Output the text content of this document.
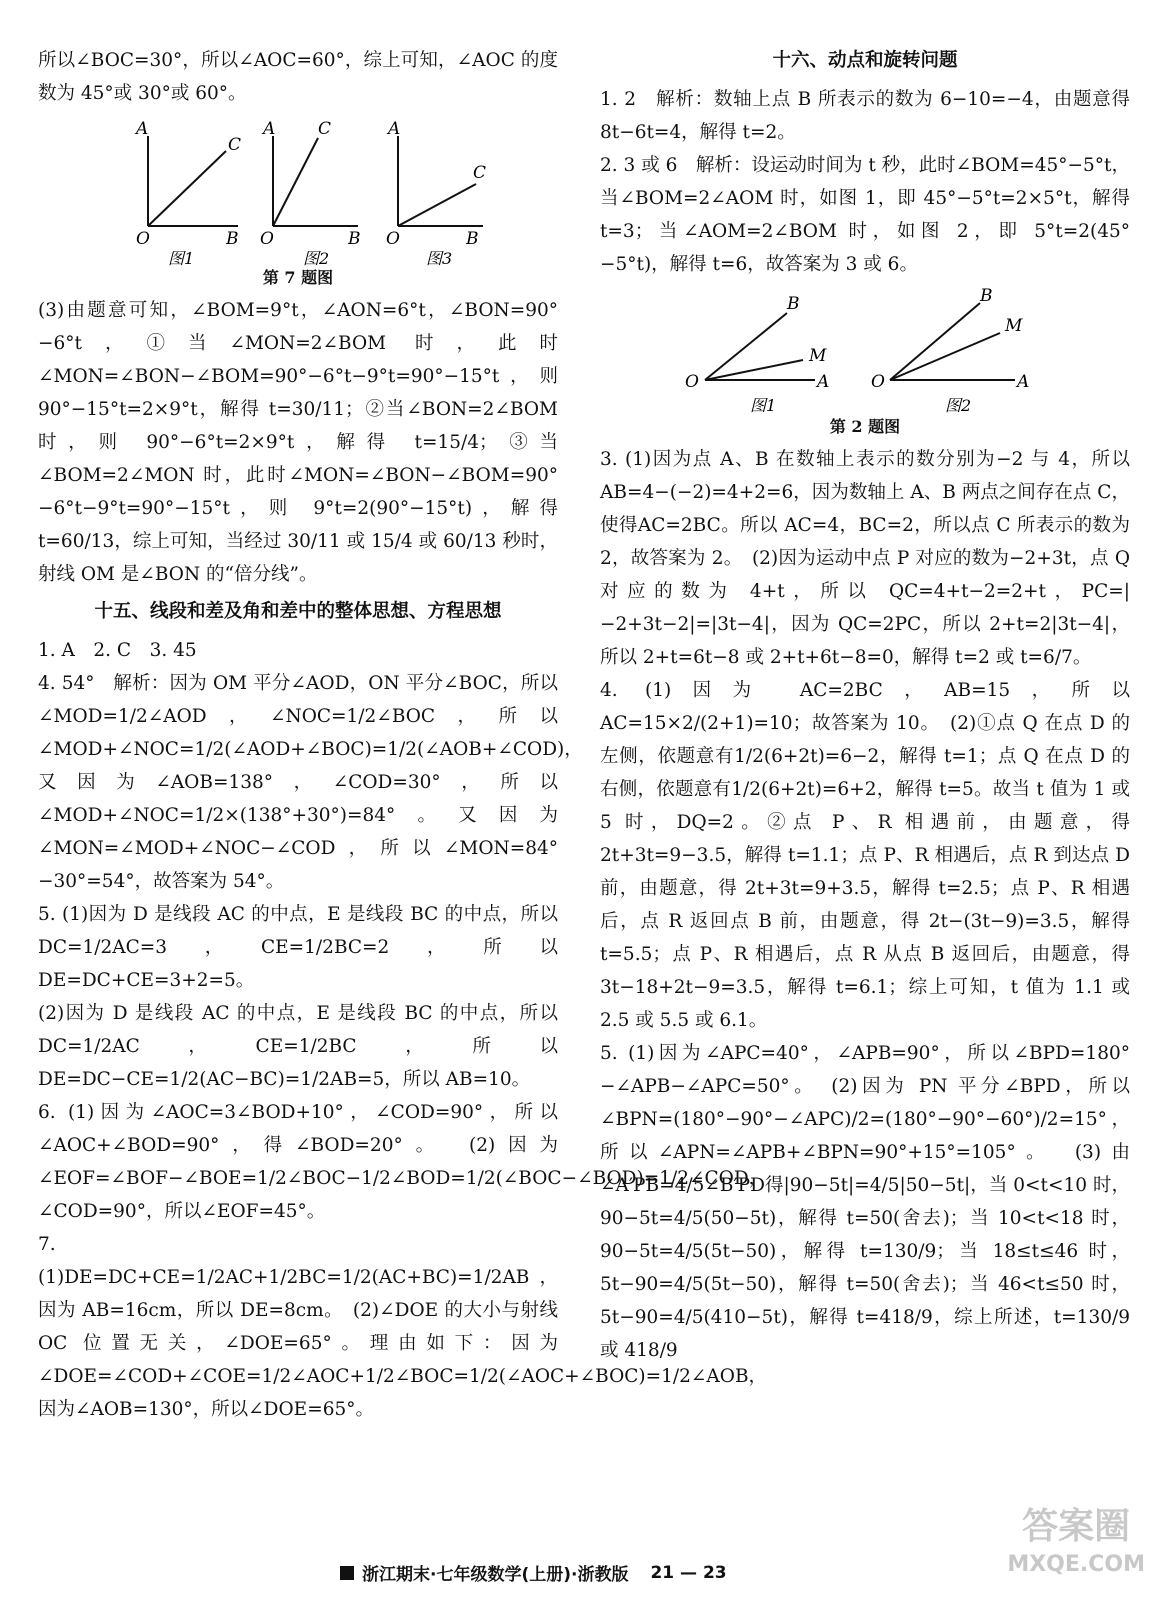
所以∠BOC=30°，所以∠AOC=60°，综上可知，∠AOC 的度数为 45°或 30°或 60°。

A
C
O	B
图1
A	C
O	B
图2
A
C
O	B
图3
第 7 题图

(3)由题意可知，∠BOM=9°t，∠AON=6°t，∠BON=90°−6°t，①当∠MON=2∠BOM 时，此时∠MON=∠BON−∠BOM=90°−6°t−9°t=90°−15°t，则 90°−15°t=2×9°t，解得 t=30/11；②当∠BON=2∠BOM 时，则 90°−6°t=2×9°t，解得 t=15/4；③当∠BOM=2∠MON 时，此时∠MON=∠BON−∠BOM=90°−6°t−9°t=90°−15°t，则 9°t=2(90°−15°t)，解得 t=60/13，综上可知，当经过 30/11 或 15/4 或 60/13 秒时，射线 OM 是∠BON 的“倍分线”。

十五、线段和差及角和差中的整体思想、方程思想

1. A　2. C　3. 45

4. 54°　解析：因为 OM 平分∠AOD，ON 平分∠BOC，所以∠MOD=1/2∠AOD，∠NOC=1/2∠BOC，所以∠MOD+∠NOC=1/2(∠AOD+∠BOC)=1/2(∠AOB+∠COD)，又因为∠AOB=138°，∠COD=30°，所以∠MOD+∠NOC=1/2×(138°+30°)=84°。又因为∠MON=∠MOD+∠NOC−∠COD，所以∠MON=84°−30°=54°，故答案为 54°。

5. (1)因为 D 是线段 AC 的中点，E 是线段 BC 的中点，所以DC=1/2AC=3，CE=1/2BC=2，所以 DE=DC+CE=3+2=5。

(2)因为 D 是线段 AC 的中点，E 是线段 BC 的中点，所以DC=1/2AC，CE=1/2BC，所以 DE=DC−CE=1/2(AC−BC)=1/2AB=5，所以 AB=10。

6. (1)因为∠AOC=3∠BOD+10°，∠COD=90°，所以∠AOC+∠BOD=90°，得∠BOD=20°。　(2)因为∠EOF=∠BOF−∠BOE=1/2∠BOC−1/2∠BOD=1/2(∠BOC−∠BOD)=1/2∠COD，∠COD=90°，所以∠EOF=45°。

7. (1)DE=DC+CE=1/2AC+1/2BC=1/2(AC+BC)=1/2AB，因为 AB=16cm，所以 DE=8cm。　(2)∠DOE 的大小与射线 OC 位置无关，∠DOE=65°。理由如下：因为∠DOE=∠COD+∠COE=1/2∠AOC+1/2∠BOC=1/2(∠AOC+∠BOC)=1/2∠AOB，因为∠AOB=130°，所以∠DOE=65°。

十六、动点和旋转问题

1. 2　解析：数轴上点 B 所表示的数为 6−10=−4，由题意得 8t−6t=4，解得 t=2。

2. 3 或 6　解析：设运动时间为 t 秒，此时∠BOM=45°−5°t，当∠BOM=2∠AOM 时，如图 1，即 45°−5°t=2×5°t，解得 t=3；当∠AOM=2∠BOM 时，如图 2，即 5°t=2(45°−5°t)，解得 t=6，故答案为 3 或 6。

B
M
O	A
图1
B
M
O	A
图2
第 2 题图

3. (1)因为点 A、B 在数轴上表示的数分别为−2 与 4，所以 AB=4−(−2)=4+2=6，因为数轴上 A、B 两点之间存在点 C，使得AC=2BC。所以 AC=4，BC=2，所以点 C 所表示的数为 2，故答案为 2。　(2)因为运动中点 P 对应的数为−2+3t，点 Q 对应的数为 4+t，所以 QC=4+t−2=2+t，PC=|−2+3t−2|=|3t−4|，因为 QC=2PC，所以 2+t=2|3t−4|，所以 2+t=6t−8 或 2+t+6t−8=0，解得 t=2 或 t=6/7。

4. (1)因为 AC=2BC，AB=15，所以 AC=15×2/(2+1)=10；故答案为 10。　(2)①点 Q 在点 D 的左侧，依题意有1/2(6+2t)=6−2，解得 t=1；点 Q 在点 D 的右侧，依题意有1/2(6+2t)=6+2，解得 t=5。故当 t 值为 1 或 5 时，DQ=2。②点 P、R 相遇前，由题意，得 2t+3t=9−3.5，解得 t=1.1；点 P、R 相遇后，点 R 到达点 D 前，由题意，得 2t+3t=9+3.5，解得 t=2.5；点 P、R 相遇后，点 R 返回点 B 前，由题意，得 2t−(3t−9)=3.5，解得 t=5.5；点 P、R 相遇后，点 R 从点 B 返回后，由题意，得 3t−18+2t−9=3.5，解得 t=6.1；综上可知，t 值为 1.1 或 2.5 或 5.5 或 6.1。

5. (1)因为∠APC=40°，∠APB=90°，所以∠BPD=180°−∠APB−∠APC=50°。　(2)因为 PN 平分∠BPD，所以∠BPN=(180°−90°−∠APC)/2=(180°−90°−60°)/2=15°，所以∠APN=∠APB+∠BPN=90°+15°=105°。　(3)由∠A′PB=4/5∠B′PD得|90−5t|=4/5|50−5t|，当 0<t<10 时，90−5t=4/5(50−5t)，解得 t=50(舍去)；当 10<t<18 时，90−5t=4/5(5t−50)，解得 t=130/9；当 18≤t≤46 时，5t−90=4/5(5t−50)，解得 t=50(舍去)；当 46<t≤50 时，5t−90=4/5(410−5t)，解得 t=418/9，综上所述，t=130/9 或 418/9

浙江期末·七年级数学(上册)·浙教版 21 — 23
答案圈
MXQE.COM
